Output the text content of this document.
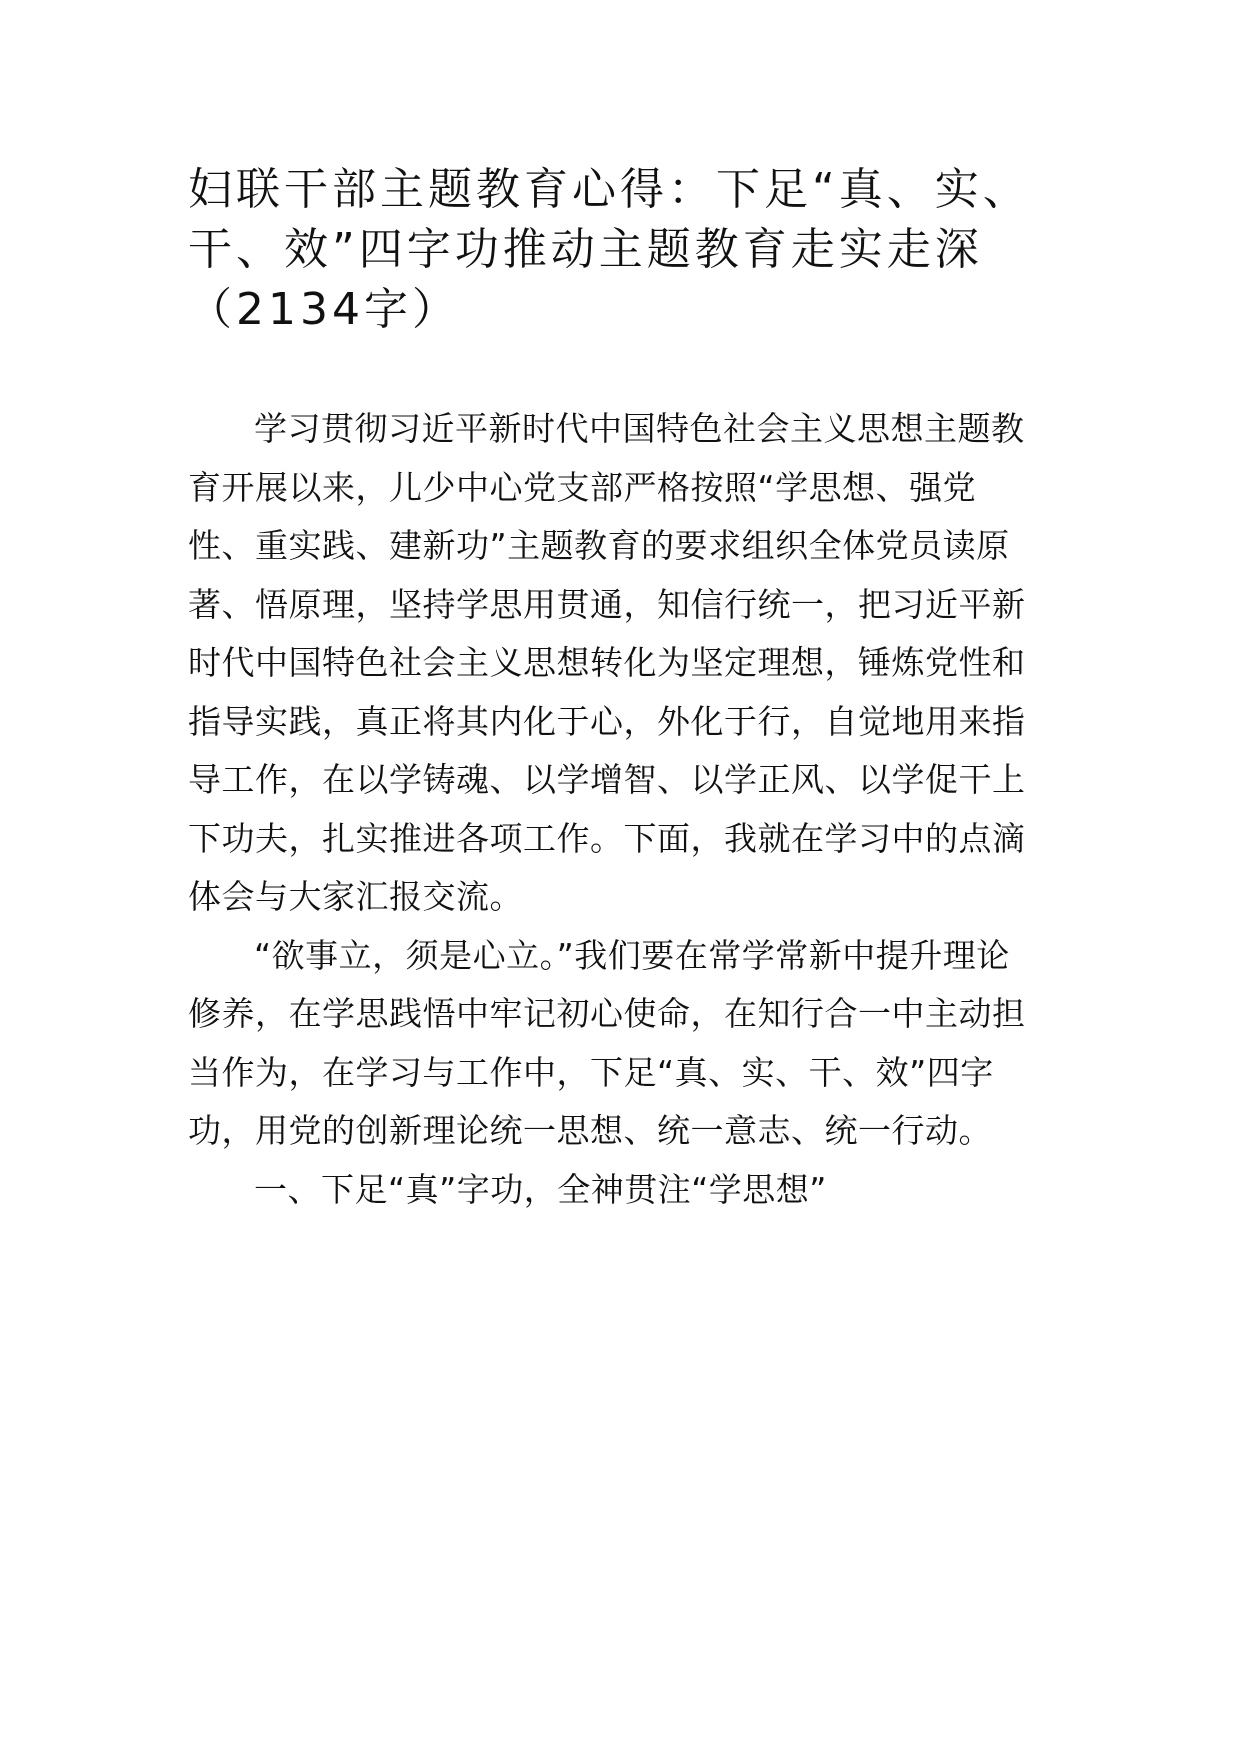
妇联干部主题教育心得：下足“真、实、
干、效”四字功推动主题教育走实走深
（2134字）

学习贯彻习近平新时代中国特色社会主义思想主题教
育开展以来，儿少中心党支部严格按照“学思想、强党
性、重实践、建新功”主题教育的要求组织全体党员读原
著、悟原理，坚持学思用贯通，知信行统一，把习近平新
时代中国特色社会主义思想转化为坚定理想，锤炼党性和
指导实践，真正将其内化于心，外化于行，自觉地用来指
导工作，在以学铸魂、以学增智、以学正风、以学促干上
下功夫，扎实推进各项工作。下面，我就在学习中的点滴
体会与大家汇报交流。

“欲事立，须是心立。”我们要在常学常新中提升理论
修养，在学思践悟中牢记初心使命，在知行合一中主动担
当作为，在学习与工作中，下足“真、实、干、效”四字
功，用党的创新理论统一思想、统一意志、统一行动。

一、下足“真”字功，全神贯注“学思想”
